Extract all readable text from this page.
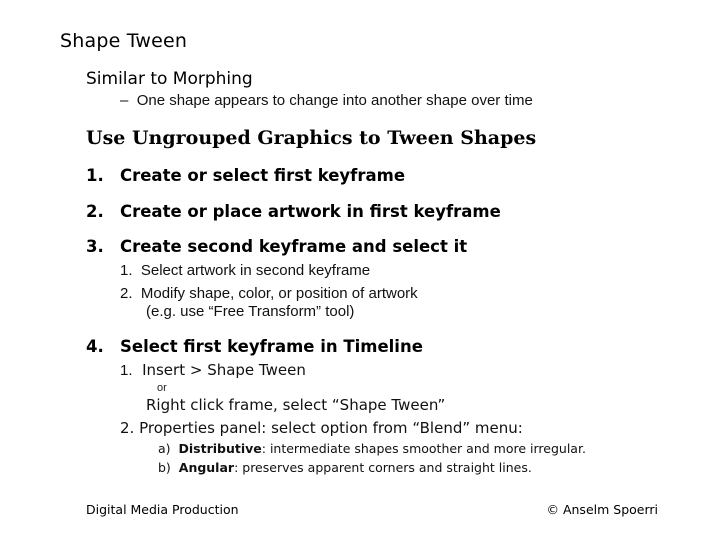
Shape Tween
Similar to Morphing
– One shape appears to change into another shape over time
Use Ungrouped Graphics to Tween Shapes
1. Create or select first keyframe
2. Create or place artwork in first keyframe
3. Create second keyframe and select it
1. Select artwork in second keyframe
2. Modify shape, color, or position of artwork
(e.g. use “Free Transform” tool)
4. Select first keyframe in Timeline
1. Insert > Shape Tween
or
Right click frame, select “Shape Tween”
2. Properties panel: select option from “Blend” menu:
a) Distributive: intermediate shapes smoother and more irregular.
b) Angular: preserves apparent corners and straight lines.
Digital Media Production	© Anselm Spoerri
